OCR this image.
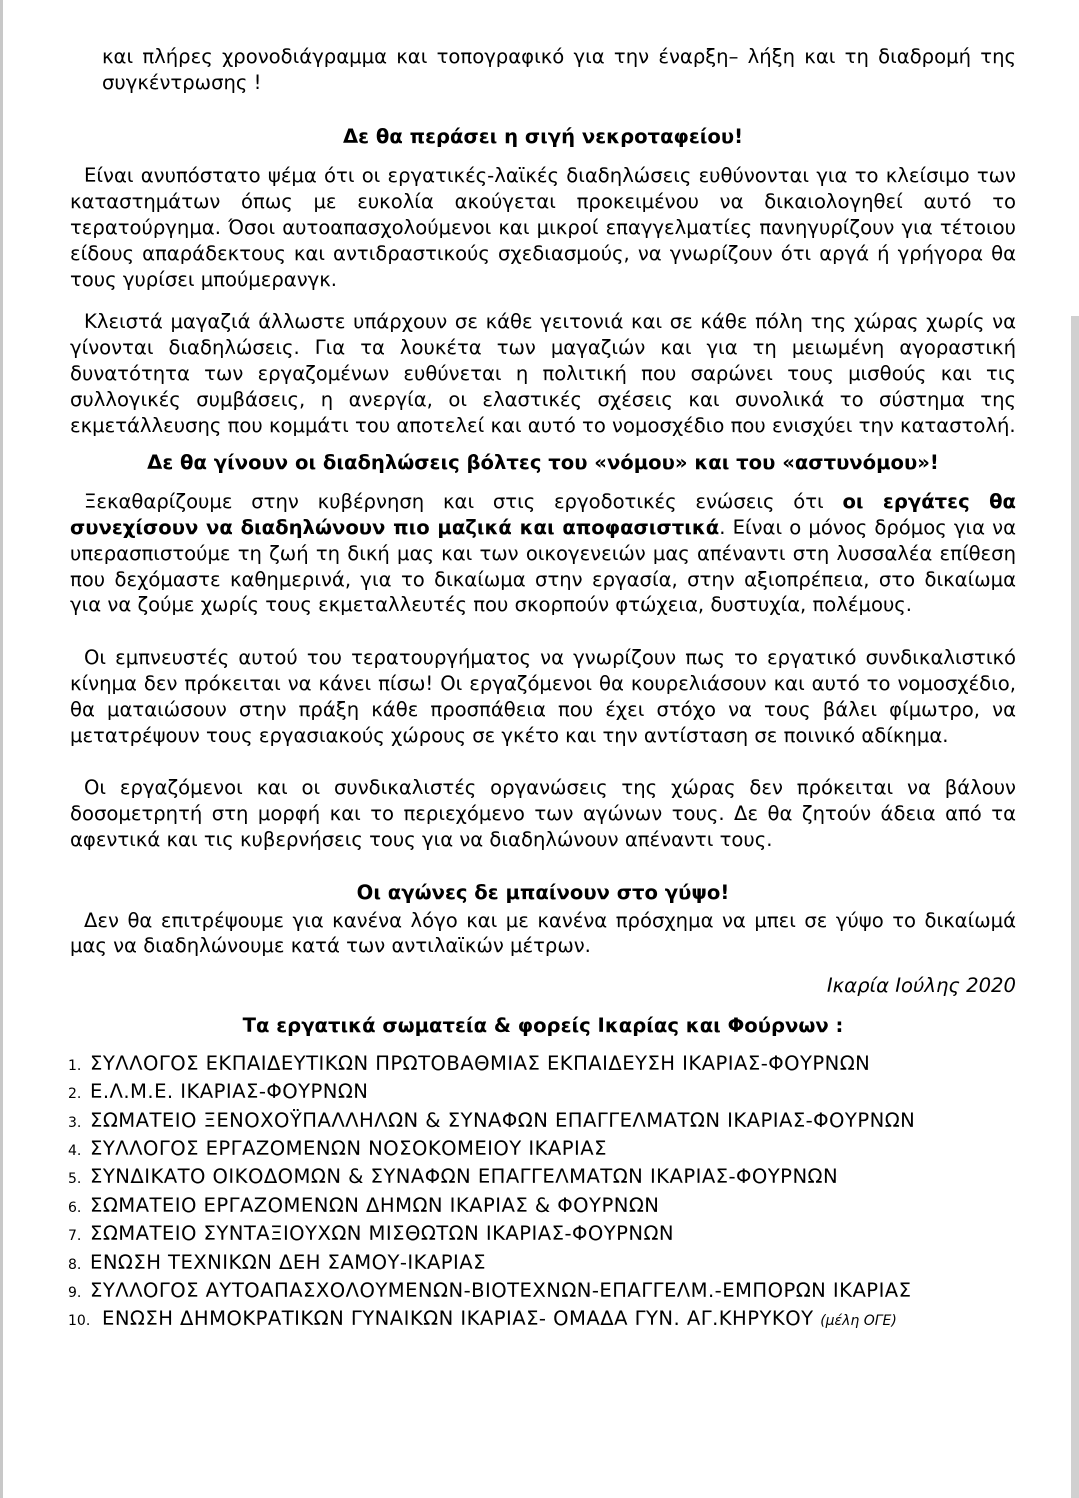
και πλήρες χρονοδιάγραμμα και τοπογραφικό για την έναρξη– λήξη και τη διαδρομή της συγκέντρωσης !

Δε θα περάσει η σιγή νεκροταφείου!

Είναι ανυπόστατο ψέμα ότι οι εργατικές-λαϊκές διαδηλώσεις ευθύνονται για το κλείσιμο των καταστημάτων όπως με ευκολία ακούγεται προκειμένου να δικαιολογηθεί αυτό το τερατούργημα. Όσοι αυτοαπασχολούμενοι και μικροί επαγγελματίες πανηγυρίζουν για τέτοιου είδους απαράδεκτους και αντιδραστικούς σχεδιασμούς, να γνωρίζουν ότι αργά ή γρήγορα θα τους γυρίσει μπούμερανγκ.

Κλειστά μαγαζιά άλλωστε υπάρχουν σε κάθε γειτονιά και σε κάθε πόλη της χώρας χωρίς να γίνονται διαδηλώσεις. Για τα λουκέτα των μαγαζιών και για τη μειωμένη αγοραστική δυνατότητα των εργαζομένων ευθύνεται η πολιτική που σαρώνει τους μισθούς και τις συλλογικές συμβάσεις, η ανεργία, οι ελαστικές σχέσεις και συνολικά το σύστημα της εκμετάλλευσης που κομμάτι του αποτελεί και αυτό το νομοσχέδιο που ενισχύει την καταστολή.

Δε θα γίνουν οι διαδηλώσεις βόλτες του «νόμου» και του «αστυνόμου»!

Ξεκαθαρίζουμε στην κυβέρνηση και στις εργοδοτικές ενώσεις ότι οι εργάτες θα συνεχίσουν να διαδηλώνουν πιο μαζικά και αποφασιστικά. Είναι ο μόνος δρόμος για να υπερασπιστούμε τη ζωή τη δική μας και των οικογενειών μας απέναντι στη λυσσαλέα επίθεση που δεχόμαστε καθημερινά, για το δικαίωμα στην εργασία, στην αξιοπρέπεια, στο δικαίωμα για να ζούμε χωρίς τους εκμεταλλευτές που σκορπούν φτώχεια, δυστυχία, πολέμους.

Οι εμπνευστές αυτού του τερατουργήματος να γνωρίζουν πως το εργατικό συνδικαλιστικό κίνημα δεν πρόκειται να κάνει πίσω! Οι εργαζόμενοι θα κουρελιάσουν και αυτό το νομοσχέδιο, θα ματαιώσουν στην πράξη κάθε προσπάθεια που έχει στόχο να τους βάλει φίμωτρο, να μετατρέψουν τους εργασιακούς χώρους σε γκέτο και την αντίσταση σε ποινικό αδίκημα.

Οι εργαζόμενοι και οι συνδικαλιστές οργανώσεις της χώρας δεν πρόκειται να βάλουν δοσομετρητή στη μορφή και το περιεχόμενο των αγώνων τους. Δε θα ζητούν άδεια από τα αφεντικά και τις κυβερνήσεις τους για να διαδηλώνουν απέναντι τους.

Οι αγώνες δε μπαίνουν στο γύψο!

Δεν θα επιτρέψουμε για κανένα λόγο και με κανένα πρόσχημα να μπει σε γύψο το δικαίωμά μας να διαδηλώνουμε κατά των αντιλαϊκών μέτρων.

Ικαρία Ιούλης 2020

Τα εργατικά σωματεία & φορείς Ικαρίας και Φούρνων :
1. ΣΥΛΛΟΓΟΣ ΕΚΠΑΙΔΕΥΤΙΚΩΝ ΠΡΩΤΟΒΑΘΜΙΑΣ ΕΚΠΑΙΔΕΥΣΗ ΙΚΑΡΙΑΣ-ΦΟΥΡΝΩΝ
2. Ε.Λ.Μ.Ε. ΙΚΑΡΙΑΣ-ΦΟΥΡΝΩΝ
3. ΣΩΜΑΤΕΙΟ ΞΕΝΟΧΟΫΠΑΛΛΗΛΩΝ & ΣΥΝΑΦΩΝ ΕΠΑΓΓΕΛΜΑΤΩΝ ΙΚΑΡΙΑΣ-ΦΟΥΡΝΩΝ
4. ΣΥΛΛΟΓΟΣ ΕΡΓΑΖΟΜΕΝΩΝ ΝΟΣΟΚΟΜΕΙΟΥ ΙΚΑΡΙΑΣ
5. ΣΥΝΔΙΚΑΤΟ ΟΙΚΟΔΟΜΩΝ & ΣΥΝΑΦΩΝ ΕΠΑΓΓΕΛΜΑΤΩΝ ΙΚΑΡΙΑΣ-ΦΟΥΡΝΩΝ
6. ΣΩΜΑΤΕΙΟ ΕΡΓΑΖΟΜΕΝΩΝ ΔΗΜΩΝ ΙΚΑΡΙΑΣ & ΦΟΥΡΝΩΝ
7. ΣΩΜΑΤΕΙΟ ΣΥΝΤΑΞΙΟΥΧΩΝ ΜΙΣΘΩΤΩΝ ΙΚΑΡΙΑΣ-ΦΟΥΡΝΩΝ
8. ΕΝΩΣΗ ΤΕΧΝΙΚΩΝ ΔΕΗ ΣΑΜΟΥ-ΙΚΑΡΙΑΣ
9. ΣΥΛΛΟΓΟΣ ΑΥΤΟΑΠΑΣΧΟΛΟΥΜΕΝΩΝ-ΒΙΟΤΕΧΝΩΝ-ΕΠΑΓΓΕΛΜ.-ΕΜΠΟΡΩΝ ΙΚΑΡΙΑΣ
10. ΕΝΩΣΗ ΔΗΜΟΚΡΑΤΙΚΩΝ ΓΥΝΑΙΚΩΝ ΙΚΑΡΙΑΣ- ΟΜΑΔΑ ΓΥΝ. ΑΓ.ΚΗΡΥΚΟΥ (μέλη ΟΓΕ)
